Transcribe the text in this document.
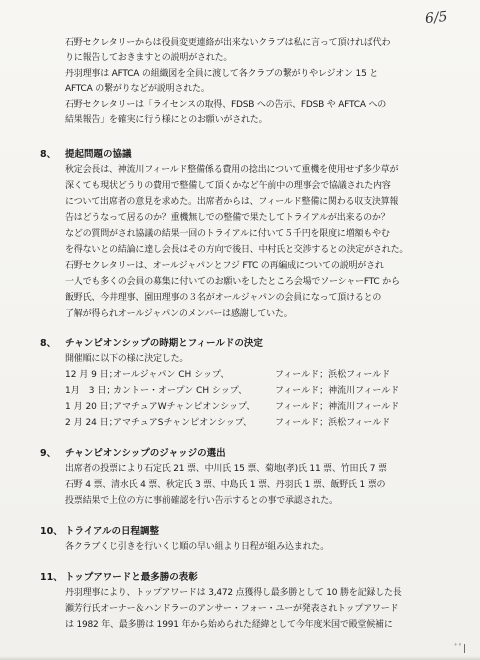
6/5
石野セクレタリーからは役員変更連絡が出来ないクラブは私に言って頂ければ代わ
りに報告しておきますとの説明がされた。
丹羽理事は AFTCA の組織図を全員に渡して各クラブの繋がりやレジオン 15 と
AFTCA の繋がりなどが説明された。
石野セクレタリーは「ライセンスの取得、FDSB への告示、FDSB や AFTCA への
結果報告」を確実に行う様にとのお願いがされた。
8、 提起問題の協議
秋定会長は、神流川フィールド整備係る費用の捻出について重機を使用せず多少草が
深くても現状どうりの費用で整備して頂くかなど午前中の理事会で協議された内容
について出席者の意見を求めた。出席者からは、フィールド整備に関わる収支決算報
告はどうなって居るのか？重機無しでの整備で果たしてトライアルが出来るのか？
などの質問がされ協議の結果一回のトライアルに付いて５千円を限度に増額もやむ
を得ないとの結論に達し会長はその方向で後日、中村氏と交渉するとの決定がされた。
石野セクレタリーは、オールジャパンとフジ FTC の再編成についての説明がされ
一人でも多くの会員の募集に付いてのお願いをしたところ会場でソーシャーFTC から
飯野氏、今井理事、園田理事の３名がオールジャパンの会員になって頂けるとの
了解が得られオールジャパンのメンバーは感謝していた。
8、 チャンピオンシップの時期とフィールドの決定
開催順に以下の様に決定した。
12 月 9 日；オールジャパン CH シップ、	フィールド；浜松フィールド
1月　3 日；カントー・オープン CH シップ、	フィールド；神流川フィールド
1 月 20 日；アマチュアWチャンピオンシップ、 フィールド；神流川フィールド
2 月 24 日；アマチュアSチャンピオンシップ、	フィールド；浜松フィールド
9、 チャンピオンシップのジャッジの選出
出席者の投票により石定氏 21 票、中川氏 15 票、菊地(孝)氏 11 票、竹田氏 7 票
石野 4 票、清水氏 4 票、秋定氏 3 票、中島氏 1 票、丹羽氏 1 票、飯野氏 1 票の
投票結果で上位の方に事前確認を行い告示するとの事で承認された。
10、 トライアルの日程調整
各クラブくじ引きを行いくじ順の早い組より日程が組み込まれた。
11、 トップアワードと最多勝の表彰
丹羽理事により、トップアワードは 3,472 点獲得し最多勝として 10 勝を記録した長
瀬芳行氏オーナー＆ハンドラーのアンサー・フォー・ユーが発表されトップアワード
は 1982 年、最多勝は 1991 年から始められた経緯として今年度米国で殿堂候補に
ﾞﾟ|
